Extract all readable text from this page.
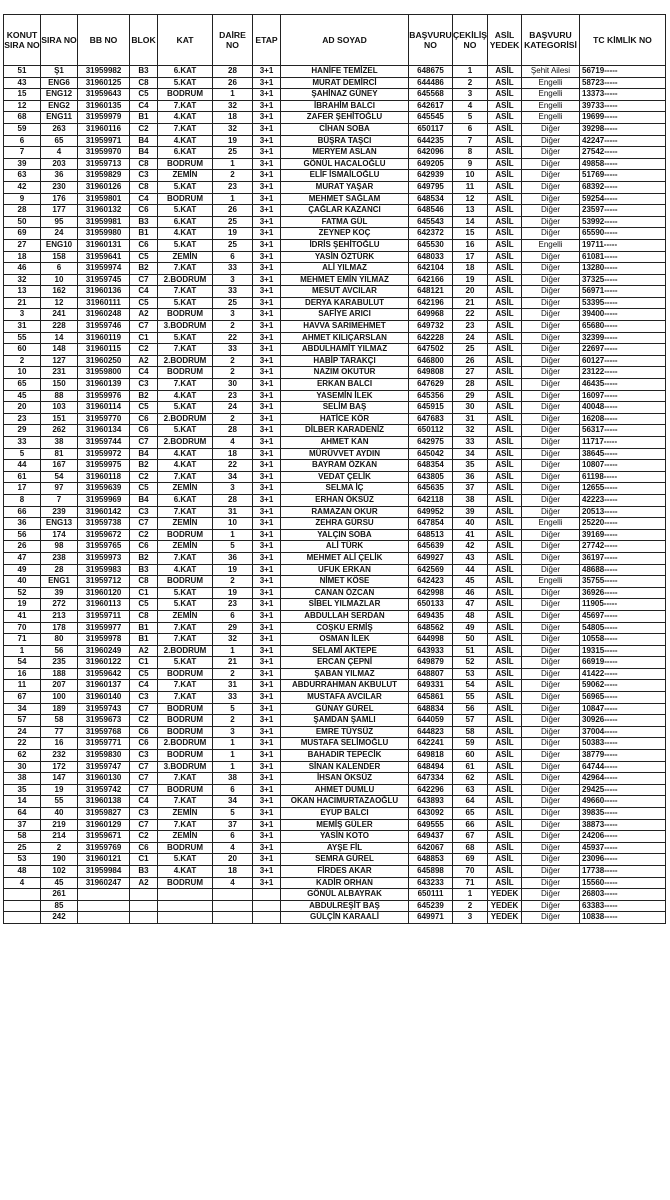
KONUT SIRA NO	SIRA NO	BB NO	BLOK	KAT	DAİRE NO	ETAP	AD SOYAD	BAŞVURU NO	ÇEKİLİŞ NO	ASİL YEDEK	BAŞVURU KATEGORİSİ	TC KİMLİK NO
51	Ş1	31959982	B3	6.KAT	28	3+1	HANİFE TEMİZEL	648675	1	ASİL	Şehit Ailesi	56719-----
43	ENG6	31960125	C8	5.KAT	26	3+1	MURAT DEMİRCİ	644486	2	ASİL	Engelli	58723-----
15	ENG12	31959643	C5	BODRUM	1	3+1	ŞAHİNAZ GÜNEY	645568	3	ASİL	Engelli	13373-----
12	ENG2	31960135	C4	7.KAT	32	3+1	İBRAHİM BALCI	642617	4	ASİL	Engelli	39733-----
68	ENG11	31959979	B1	4.KAT	18	3+1	ZAFER ŞEHİTOĞLU	645545	5	ASİL	Engelli	19699-----
59	263	31960116	C2	7.KAT	32	3+1	CİHAN SOBA	650117	6	ASİL	Diğer	39298-----
6	65	31959971	B4	4.KAT	19	3+1	BÜŞRA TAŞCI	644235	7	ASİL	Diğer	42247-----
7	4	31959970	B4	6.KAT	25	3+1	MERYEM ASLAN	642096	8	ASİL	Diğer	27542-----
39	203	31959713	C8	BODRUM	1	3+1	GÖNÜL HACALOĞLU	649205	9	ASİL	Diğer	49858-----
63	36	31959829	C3	ZEMİN	2	3+1	ELİF İSMAİLOĞLU	642939	10	ASİL	Diğer	51769-----
42	230	31960126	C8	5.KAT	23	3+1	MURAT YAŞAR	649795	11	ASİL	Diğer	68392-----
9	176	31959801	C4	BODRUM	1	3+1	MEHMET SAĞLAM	648534	12	ASİL	Diğer	59254-----
28	177	31960132	C6	5.KAT	26	3+1	ÇAĞLAR KAZANCI	648546	13	ASİL	Diğer	23597-----
50	95	31959981	B3	6.KAT	25	3+1	FATMA GÜL	645543	14	ASİL	Diğer	53992-----
69	24	31959980	B1	4.KAT	19	3+1	ZEYNEP KOÇ	642372	15	ASİL	Diğer	65590-----
27	ENG10	31960131	C6	5.KAT	25	3+1	İDRİS ŞEHİTOĞLU	645530	16	ASİL	Engelli	19711-----
18	158	31959641	C5	ZEMİN	6	3+1	YASİN ÖZTÜRK	648033	17	ASİL	Diğer	61081-----
46	6	31959974	B2	7.KAT	33	3+1	ALİ YILMAZ	642104	18	ASİL	Diğer	13280-----
32	10	31959745	C7	2.BODRUM	3	3+1	MEHMET EMİN YILMAZ	642166	19	ASİL	Diğer	37325-----
13	162	31960136	C4	7.KAT	33	3+1	MESUT AVCILAR	648121	20	ASİL	Diğer	56971-----
21	12	31960111	C5	5.KAT	25	3+1	DERYA KARABULUT	642196	21	ASİL	Diğer	53395-----
3	241	31960248	A2	BODRUM	3	3+1	SAFİYE ARICI	649968	22	ASİL	Diğer	39400-----
31	228	31959746	C7	3.BODRUM	2	3+1	HAVVA SARIMEHMET	649732	23	ASİL	Diğer	65680-----
55	14	31960119	C1	5.KAT	22	3+1	AHMET KILIÇARSLAN	642228	24	ASİL	Diğer	32399-----
60	148	31960115	C2	7.KAT	33	3+1	ABDULHAMİT YILMAZ	647502	25	ASİL	Diğer	22697-----
2	127	31960250	A2	2.BODRUM	2	3+1	HABİP TARAKÇI	646800	26	ASİL	Diğer	60127-----
10	231	31959800	C4	BODRUM	2	3+1	NAZIM OKUTUR	649808	27	ASİL	Diğer	23122-----
65	150	31960139	C3	7.KAT	30	3+1	ERKAN BALCI	647629	28	ASİL	Diğer	46435-----
45	88	31959976	B2	4.KAT	23	3+1	YASEMİN İLEK	645356	29	ASİL	Diğer	16097-----
20	103	31960114	C5	5.KAT	24	3+1	SELİM BAŞ	645915	30	ASİL	Diğer	40048-----
23	151	31959770	C6	2.BODRUM	2	3+1	HATİCE KÖR	647683	31	ASİL	Diğer	16208-----
29	262	31960134	C6	5.KAT	28	3+1	DİLBER KARADENİZ	650112	32	ASİL	Diğer	56317-----
33	38	31959744	C7	2.BODRUM	4	3+1	AHMET KAN	642975	33	ASİL	Diğer	11717-----
5	81	31959972	B4	4.KAT	18	3+1	MÜRÜVVET AYDIN	645042	34	ASİL	Diğer	38645-----
44	167	31959975	B2	4.KAT	22	3+1	BAYRAM ÖZKAN	648354	35	ASİL	Diğer	10807-----
61	54	31960118	C2	7.KAT	34	3+1	VEDAT ÇELİK	643805	36	ASİL	Diğer	61198-----
17	97	31959639	C5	ZEMİN	3	3+1	SELMA İÇ	645635	37	ASİL	Diğer	12655-----
8	7	31959969	B4	6.KAT	28	3+1	ERHAN ÖKSÜZ	642118	38	ASİL	Diğer	42223-----
66	239	31960142	C3	7.KAT	31	3+1	RAMAZAN OKUR	649952	39	ASİL	Diğer	20513-----
36	ENG13	31959738	C7	ZEMİN	10	3+1	ZEHRA GÜRSU	647854	40	ASİL	Engelli	25220-----
56	174	31959672	C2	BODRUM	1	3+1	YALÇIN SOBA	648513	41	ASİL	Diğer	39169-----
26	98	31959765	C6	ZEMİN	5	3+1	ALİ TÜRK	645639	42	ASİL	Diğer	27742-----
47	238	31959973	B2	7.KAT	36	3+1	MEHMET ALİ ÇELİK	649927	43	ASİL	Diğer	36197-----
49	28	31959983	B3	4.KAT	19	3+1	UFUK ERKAN	642569	44	ASİL	Diğer	48688-----
40	ENG1	31959712	C8	BODRUM	2	3+1	NİMET KÖSE	642423	45	ASİL	Engelli	35755-----
52	39	31960120	C1	5.KAT	19	3+1	CANAN ÖZCAN	642998	46	ASİL	Diğer	36926-----
19	272	31960113	C5	5.KAT	23	3+1	SİBEL YILMAZLAR	650133	47	ASİL	Diğer	11905-----
41	213	31959711	C8	ZEMİN	6	3+1	ABDULLAH SERDAN	649435	48	ASİL	Diğer	45697-----
70	178	31959977	B1	7.KAT	29	3+1	COŞKU ERMİŞ	648562	49	ASİL	Diğer	54805-----
71	80	31959978	B1	7.KAT	32	3+1	OSMAN İLEK	644998	50	ASİL	Diğer	10558-----
1	56	31960249	A2	2.BODRUM	1	3+1	SELAMİ AKTEPE	643933	51	ASİL	Diğer	19315-----
54	235	31960122	C1	5.KAT	21	3+1	ERCAN ÇEPNİ	649879	52	ASİL	Diğer	66919-----
16	188	31959642	C5	BODRUM	2	3+1	ŞABAN YILMAZ	648807	53	ASİL	Diğer	41422-----
11	207	31960137	C4	7.KAT	31	3+1	ABDURRAHMAN AKBULUT	649331	54	ASİL	Diğer	59062-----
67	100	31960140	C3	7.KAT	33	3+1	MUSTAFA AVCILAR	645861	55	ASİL	Diğer	56965-----
34	189	31959743	C7	BODRUM	5	3+1	GÜNAY GÜREL	648834	56	ASİL	Diğer	10847-----
57	58	31959673	C2	BODRUM	2	3+1	ŞAMDAN ŞAMLI	644059	57	ASİL	Diğer	30926-----
24	77	31959768	C6	BODRUM	3	3+1	EMRE TÜYSÜZ	644823	58	ASİL	Diğer	37004-----
22	16	31959771	C6	2.BODRUM	1	3+1	MUSTAFA SELİMOĞLU	642241	59	ASİL	Diğer	50383-----
62	232	31959830	C3	BODRUM	1	3+1	BAHADIR TEPECİK	649818	60	ASİL	Diğer	38779-----
30	172	31959747	C7	3.BODRUM	1	3+1	SİNAN KALENDER	648494	61	ASİL	Diğer	64744-----
38	147	31960130	C7	7.KAT	38	3+1	İHSAN ÖKSÜZ	647334	62	ASİL	Diğer	42964-----
35	19	31959742	C7	BODRUM	6	3+1	AHMET DUMLU	642296	63	ASİL	Diğer	29425-----
14	55	31960138	C4	7.KAT	34	3+1	OKAN HACIMURTAZAOĞLU	643893	64	ASİL	Diğer	49660-----
64	40	31959827	C3	ZEMİN	5	3+1	EYUP BALCI	643092	65	ASİL	Diğer	39835-----
37	219	31960129	C7	7.KAT	37	3+1	MEMİŞ GÜLER	649555	66	ASİL	Diğer	38873-----
58	214	31959671	C2	ZEMİN	6	3+1	YASİN KOTO	649437	67	ASİL	Diğer	24206-----
25	2	31959769	C6	BODRUM	4	3+1	AYŞE FİL	642067	68	ASİL	Diğer	45937-----
53	190	31960121	C1	5.KAT	20	3+1	SEMRA GÜREL	648853	69	ASİL	Diğer	23096-----
48	102	31959984	B3	4.KAT	18	3+1	FİRDES AKAR	645898	70	ASİL	Diğer	17738-----
4	45	31960247	A2	BODRUM	4	3+1	KADİR ORHAN	643233	71	ASİL	Diğer	15560-----
	261						GÖNÜL ALBAYRAK	650111	1	YEDEK	Diğer	26803-----
	85						ABDULREŞİT BAŞ	645239	2	YEDEK	Diğer	63383-----
	242						GÜLÇİN KARAALİ	649971	3	YEDEK	Diğer	10838-----
